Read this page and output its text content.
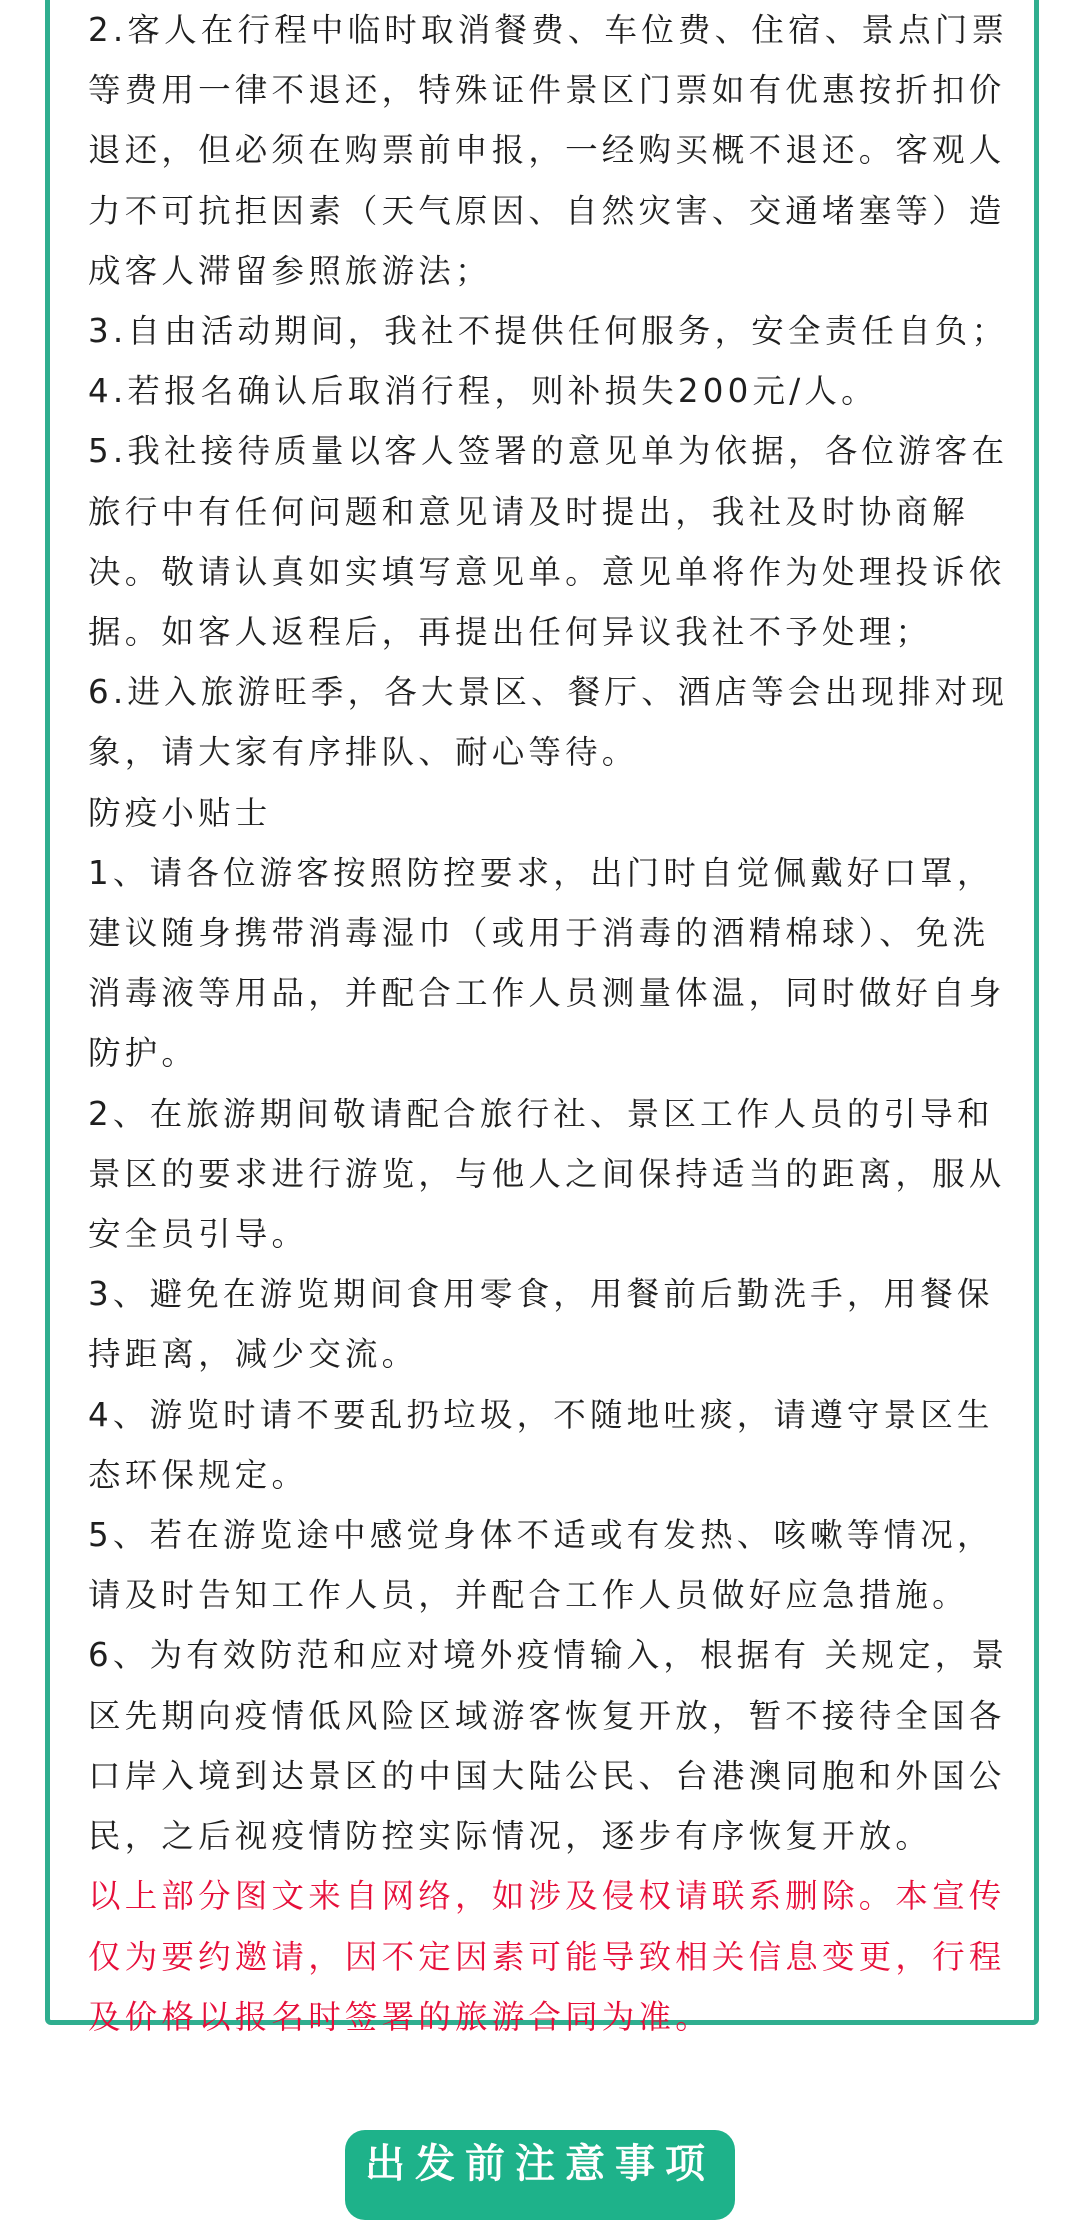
2.客人在行程中临时取消餐费、车位费、住宿、景点门票等费用一律不退还，特殊证件景区门票如有优惠按折扣价退还，但必须在购票前申报，一经购买概不退还。客观人力不可抗拒因素（天气原因、自然灾害、交通堵塞等）造成客人滞留参照旅游法；

3.自由活动期间，我社不提供任何服务，安全责任自负；

4.若报名确认后取消行程，则补损失200元/人。

5.我社接待质量以客人签署的意见单为依据，各位游客在旅行中有任何问题和意见请及时提出，我社及时协商解决。敬请认真如实填写意见单。意见单将作为处理投诉依据。如客人返程后，再提出任何异议我社不予处理；

6.进入旅游旺季，各大景区、餐厅、酒店等会出现排对现象，请大家有序排队、耐心等待。

防疫小贴士

1、请各位游客按照防控要求，出门时自觉佩戴好口罩，建议随身携带消毒湿巾（或用于消毒的酒精棉球）、免洗消毒液等用品，并配合工作人员测量体温，同时做好自身防护。

2、在旅游期间敬请配合旅行社、景区工作人员的引导和景区的要求进行游览，与他人之间保持适当的距离，服从安全员引导。

3、避免在游览期间食用零食，用餐前后勤洗手，用餐保持距离，减少交流。

4、游览时请不要乱扔垃圾，不随地吐痰，请遵守景区生态环保规定。

5、若在游览途中感觉身体不适或有发热、咳嗽等情况，请及时告知工作人员，并配合工作人员做好应急措施。

6、为有效防范和应对境外疫情输入，根据有 关规定，景区先期向疫情低风险区域游客恢复开放，暂不接待全国各口岸入境到达景区的中国大陆公民、台港澳同胞和外国公民，之后视疫情防控实际情况，逐步有序恢复开放。

以上部分图文来自网络，如涉及侵权请联系删除。本宣传仅为要约邀请，因不定因素可能导致相关信息变更，行程及价格以报名时签署的旅游合同为准。

出发前注意事项
